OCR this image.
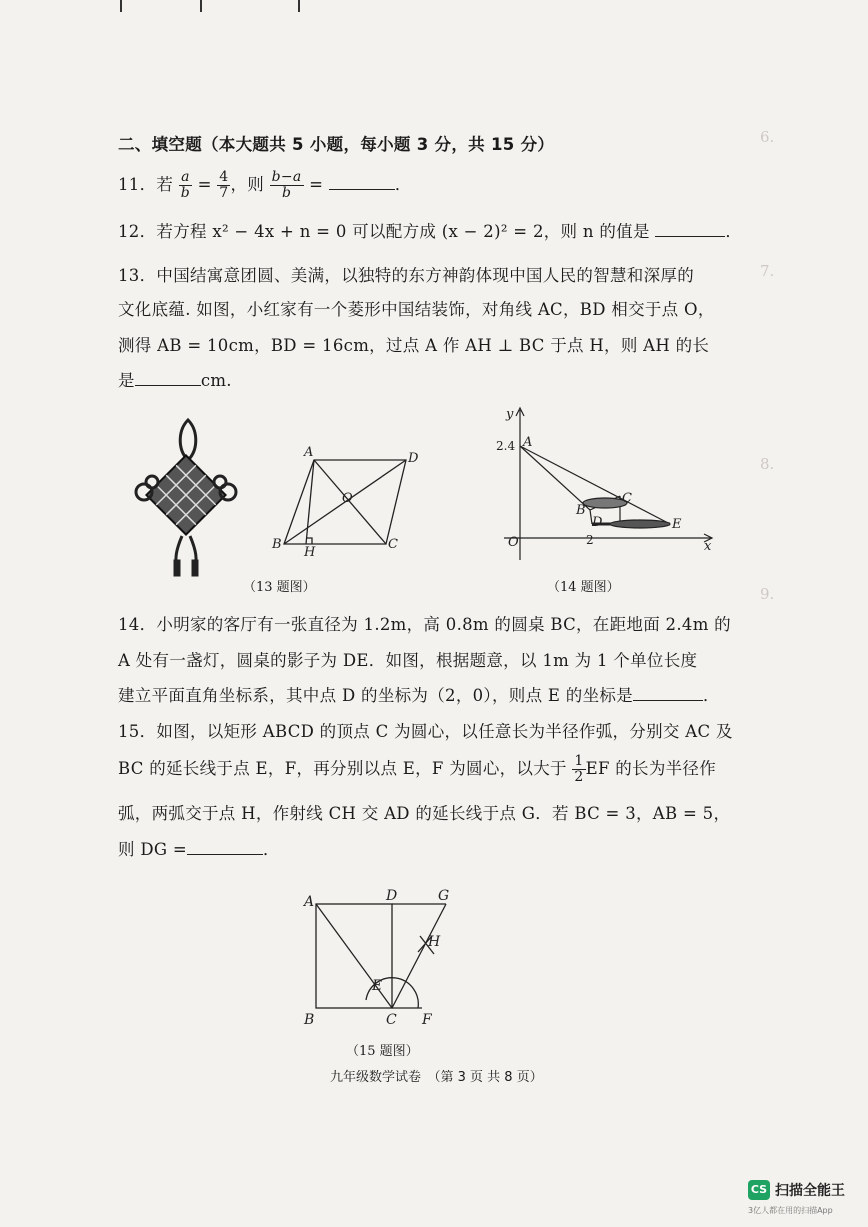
6.
7.
8.
9.
二、填空题（本大题共 5 小题，每小题 3 分，共 15 分）
11．若 $\frac{a}{b} = \frac{4}{7}$ ，则 $\frac{b-a}{b}$ =	．
12．若方程 x² − 4x + n = 0 可以配方成 (x − 2)² = 2，则 n 的值是	．
13．中国结寓意团圆、美满，以独特的东方神韵体现中国人民的智慧和深厚的
文化底蕴. 如图，小红家有一个菱形中国结装饰，对角线 AC，BD 相交于点 O，
测得 AB = 10cm，BD = 16cm，过点 A 作 AH ⊥ BC 于点 H，则 AH 的长
是	cm.
A	D
O
B	C
H
（13 题图）
y
x
A
B
C
D	E
O
2.4
2
（14 题图）
14．小明家的客厅有一张直径为 1.2m，高 0.8m 的圆桌 BC，在距地面 2.4m 的
A 处有一盏灯，圆桌的影子为 DE．如图，根据题意，以 1m 为 1 个单位长度
建立平面直角坐标系，其中点 D 的坐标为（2，0），则点 E 的坐标是	．
15．如图，以矩形 ABCD 的顶点 C 为圆心，以任意长为半径作弧，分别交 AC 及
BC 的延长线于点 E，F，再分别以点 E，F 为圆心，以大于 $\frac{1}{2}$ EF 的长为半径作
弧，两弧交于点 H，作射线 CH 交 AD 的延长线于点 G．若 BC = 3，AB = 5，
则 DG =	．
A	D	G
H
E
B	C F
（15 题图）
九年级数学试卷　（第 3 页 共 8 页）
CS 扫描全能王
3亿人都在用的扫描App
